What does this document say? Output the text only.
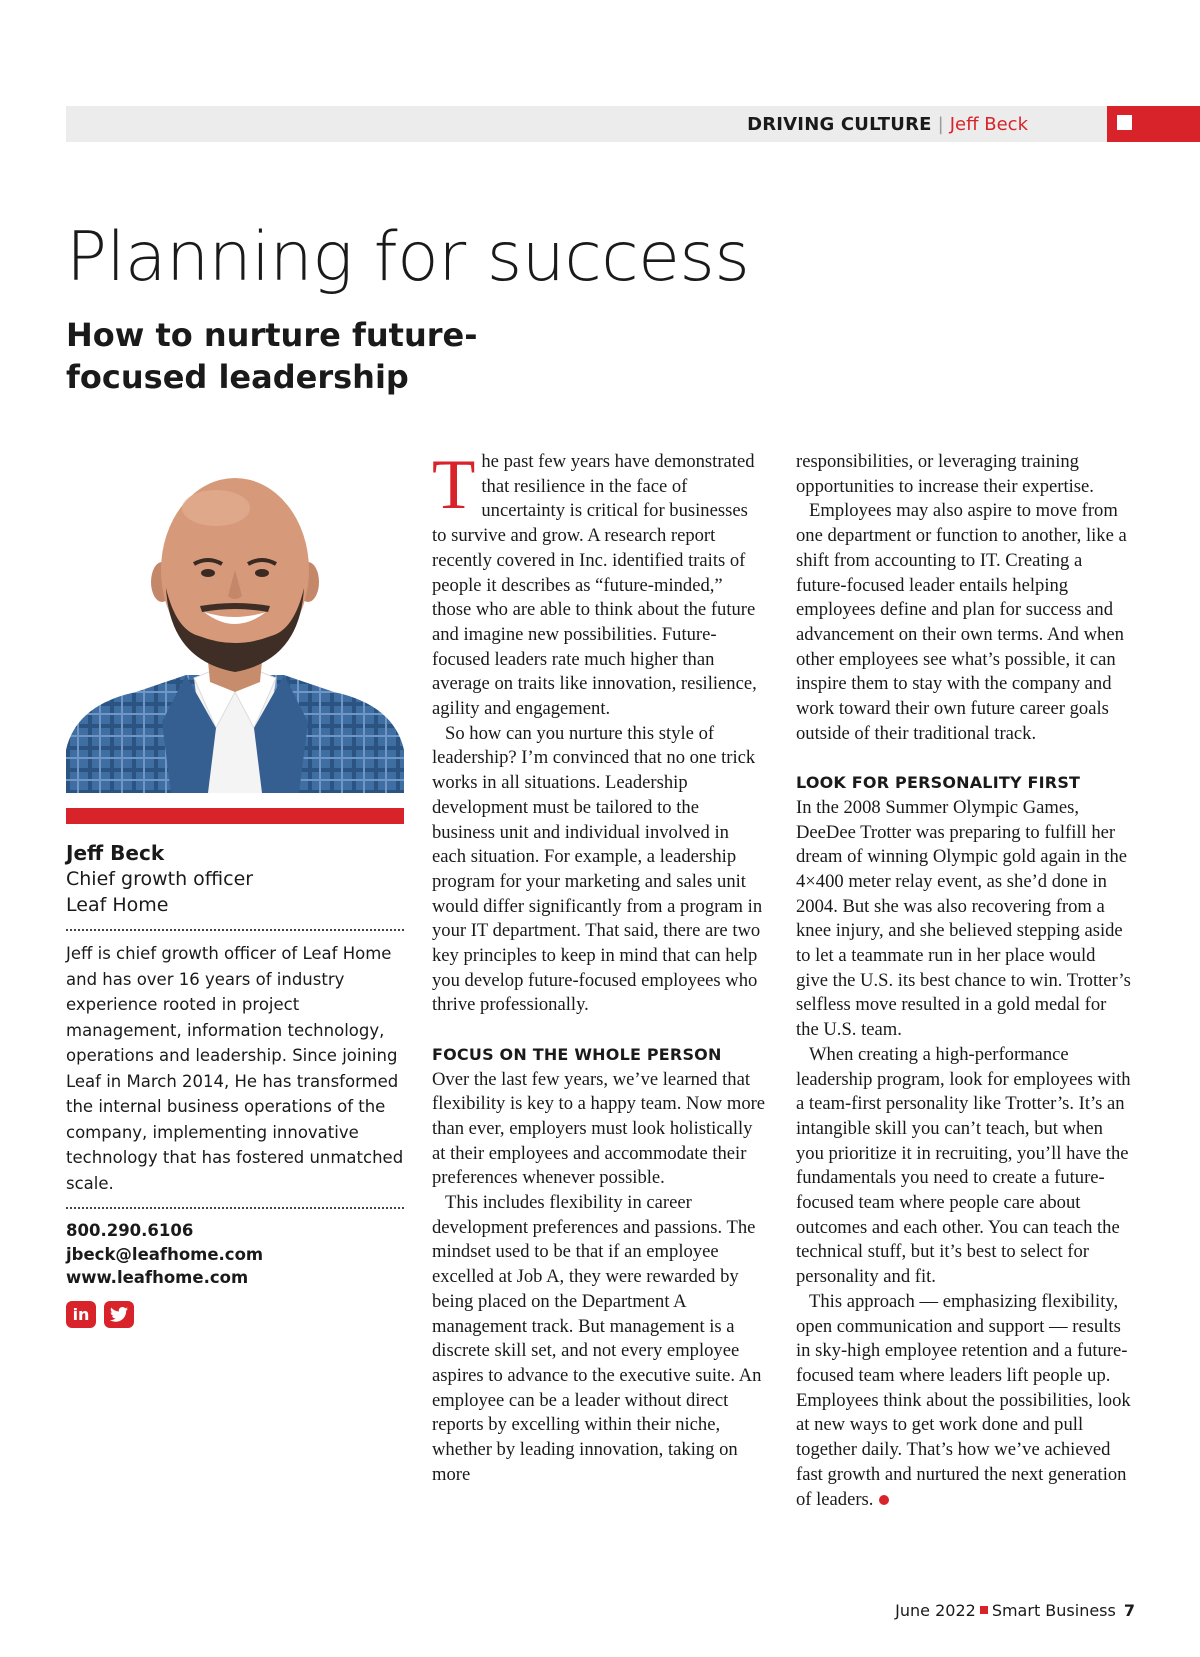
DRIVING CULTURE | Jeff Beck
Planning for success
How to nurture future-focused leadership
Jeff Beck
Chief growth officer
Leaf Home

Jeff is chief growth officer of Leaf Home and has over 16 years of industry experience rooted in project management, information technology, operations and leadership. Since joining Leaf in March 2014, He has transformed the internal business operations of the company, implementing innovative technology that has fostered unmatched scale.

800.290.6106
jbeck@leafhome.com
www.leafhome.com
in

The past few years have demonstrated that resilience in the face of uncertainty is critical for businesses to survive and grow. A research report recently covered in Inc. identified traits of people it describes as “future-minded,” those who are able to think about the future and imagine new possibilities. Future-focused leaders rate much higher than average on traits like innovation, resilience, agility and engagement.

So how can you nurture this style of leadership? I’m convinced that no one trick works in all situations. Leadership development must be tailored to the business unit and individual involved in each situation. For example, a leadership program for your marketing and sales unit would differ significantly from a program in your IT department. That said, there are two key principles to keep in mind that can help you develop future-focused employees who thrive professionally.

FOCUS ON THE WHOLE PERSON

Over the last few years, we’ve learned that flexibility is key to a happy team. Now more than ever, employers must look holistically at their employees and accommodate their preferences whenever possible.

This includes flexibility in career development preferences and passions. The mindset used to be that if an employee excelled at Job A, they were rewarded by being placed on the Department A management track. But management is a discrete skill set, and not every employee aspires to advance to the executive suite. An employee can be a leader without direct reports by excelling within their niche, whether by leading innovation, taking on more

responsibilities, or leveraging training opportunities to increase their expertise.

Employees may also aspire to move from one department or function to another, like a shift from accounting to IT. Creating a future-focused leader entails helping employees define and plan for success and advancement on their own terms. And when other employees see what’s possible, it can inspire them to stay with the company and work toward their own future career goals outside of their traditional track.

LOOK FOR PERSONALITY FIRST

In the 2008 Summer Olympic Games, DeeDee Trotter was preparing to fulfill her dream of winning Olympic gold again in the 4×400 meter relay event, as she’d done in 2004. But she was also recovering from a knee injury, and she believed stepping aside to let a teammate run in her place would give the U.S. its best chance to win. Trotter’s selfless move resulted in a gold medal for the U.S. team.

When creating a high-performance leadership program, look for employees with a team-first personality like Trotter’s. It’s an intangible skill you can’t teach, but when you prioritize it in recruiting, you’ll have the fundamentals you need to create a future-focused team where people care about outcomes and each other. You can teach the technical stuff, but it’s best to select for personality and fit.

This approach — emphasizing flexibility, open communication and support — results in sky-high employee retention and a future-focused team where leaders lift people up. Employees think about the possibilities, look at new ways to get work done and pull together daily. That’s how we’ve achieved fast growth and nurtured the next generation of leaders.

June 2022 Smart Business 7
